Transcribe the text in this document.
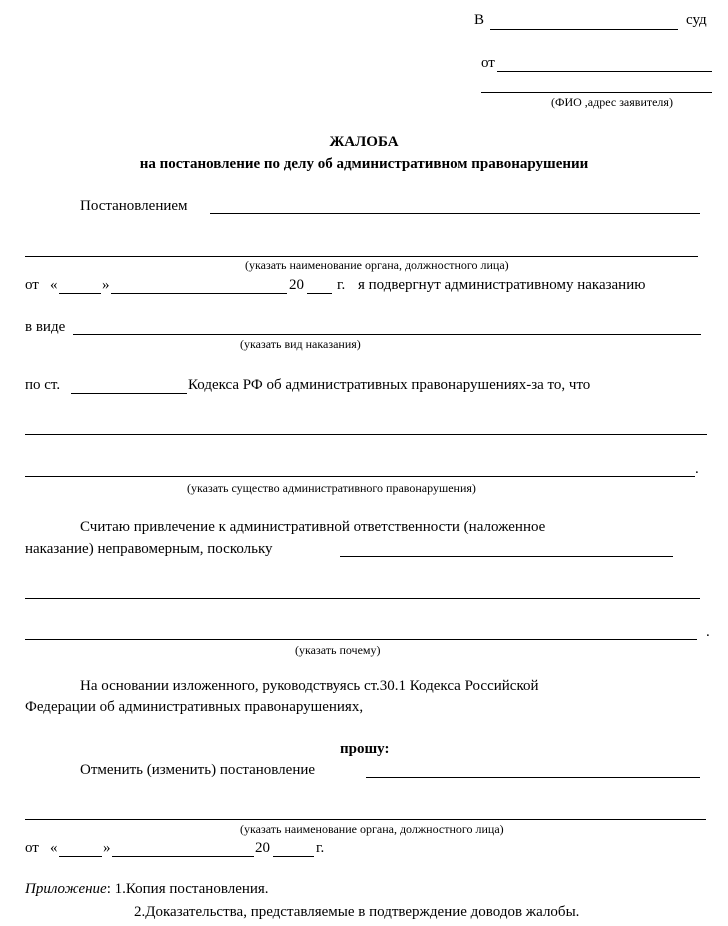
В	суд
от
(ФИО ,адрес заявителя)
ЖАЛОБА
на постановление по делу об административном правонарушении
Постановлением
(указать наименование органа, должностного лица)
от «	»	20 г. я подвергнут административному наказанию
в виде
(указать вид наказания)
по ст.	Кодекса РФ об административных правонарушениях-за то, что
.
(указать существо административного правонарушения)
Считаю привлечение к административной ответственности (наложенное
наказание) неправомерным, поскольку
.
(указать почему)
На основании изложенного, руководствуясь ст.30.1 Кодекса Российской
Федерации об административных правонарушениях,
прошу:
Отменить (изменить) постановление
(указать наименование органа, должностного лица)
от «	»	20	г.
Приложение: 1.Копия постановления.
2.Доказательства, представляемые в подтверждение доводов жалобы.
